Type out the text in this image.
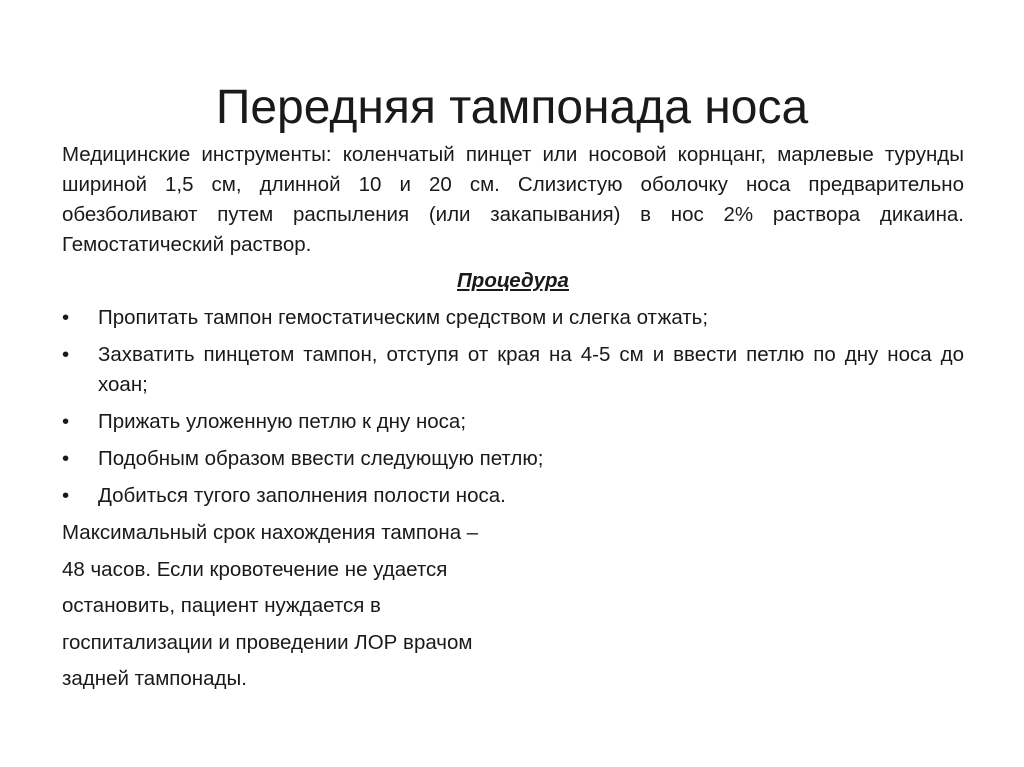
Передняя тампонада носа

Медицинские инструменты: коленчатый пинцет или носовой корнцанг, марлевые турунды шириной 1,5 см, длинной 10 и 20 см. Слизистую оболочку носа предварительно обезболивают путем распыления (или закапывания) в нос 2% раствора дикаина. Гемостатический раствор.

Процедура
• Пропитать тампон гемостатическим средством и слегка отжать;
• Захватить пинцетом тампон, отступя от края на 4-5 см и ввести петлю по дну носа до хоан;
• Прижать уложенную петлю к дну носа;
• Подобным образом ввести следующую петлю;
• Добиться тугого заполнения полости носа.
Максимальный срок нахождения тампона –
48 часов. Если кровотечение не удается
остановить, пациент нуждается в
госпитализации и проведении ЛОР врачом
задней тампонады.
